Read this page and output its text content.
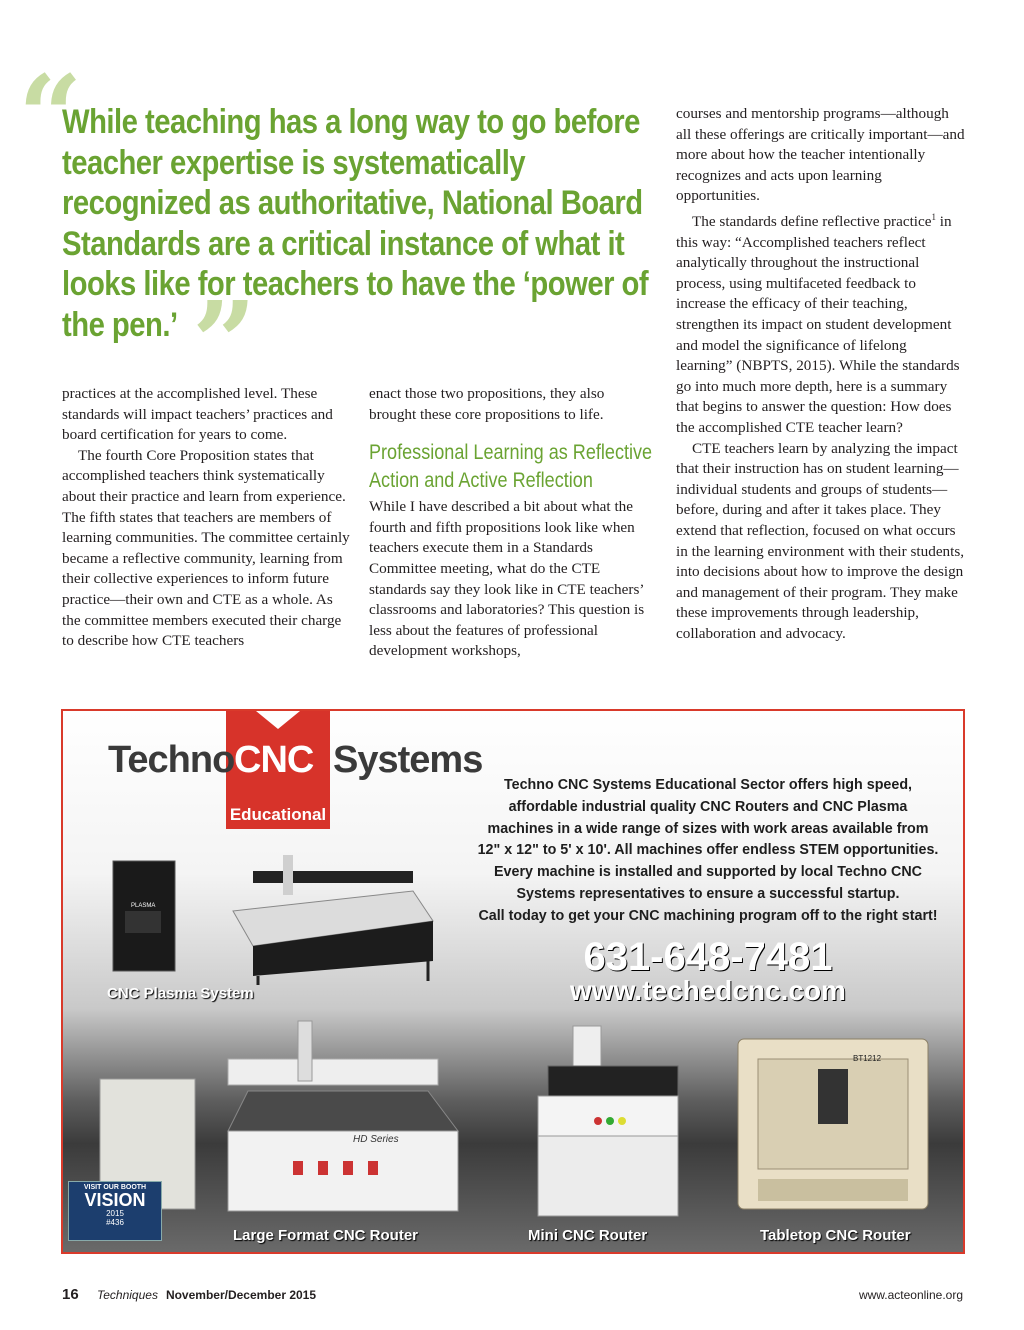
“
While teaching has a long way to go before teacher expertise is systematically recognized as authoritative, National Board Standards are a critical instance of what it looks like for teachers to have the ‘power of the pen.’ ”

practices at the accomplished level. These standards will impact teachers’ practices and board certification for years to come.

The fourth Core Proposition states that accomplished teachers think systematically about their practice and learn from experience. The fifth states that teachers are members of learning communities. The committee certainly became a reflective community, learning from their collective experiences to inform future practice—their own and CTE as a whole. As the committee members executed their charge to describe how CTE teachers

enact those two propositions, they also brought these core propositions to life.

Professional Learning as Reflective Action and Active Reflection

While I have described a bit about what the fourth and fifth propositions look like when teachers execute them in a Standards Committee meeting, what do the CTE standards say they look like in CTE teachers’ classrooms and laboratories? This question is less about the features of professional development workshops,

courses and mentorship programs—although all these offerings are critically important—and more about how the teacher intentionally recognizes and acts upon learning opportunities.

The standards define reflective practice$^1$ in this way: “Accomplished teachers reflect analytically throughout the instructional process, using multifaceted feedback to increase the efficacy of their teaching, strengthen its impact on student development and model the significance of lifelong learning” (NBPTS, 2015). While the standards go into much more depth, here is a summary that begins to answer the question: How does the accomplished CTE teacher learn?

CTE teachers learn by analyzing the impact that their instruction has on student learning—individual students and groups of students—before, during and after it takes place. They extend that reflection, focused on what occurs in the learning environment with their students, into decisions about how to improve the design and management of their program. They make these improvements through leadership, collaboration and advocacy.

Techno CNC Systems
Educational
Techno CNC Systems Educational Sector offers high speed,
affordable industrial quality CNC Routers and CNC Plasma
machines in a wide range of sizes with work areas available from
12" x 12" to 5' x 10'. All machines offer endless STEM opportunities.
Every machine is installed and supported by local Techno CNC
Systems representatives to ensure a successful startup.
Call today to get your CNC machining program off to the right start!
631-648-7481
www.techedcnc.com
PLASMA
CNC Plasma System
HD Series
Large Format CNC Router	Mini CNC Router
BT1212
Tabletop CNC Router
VISIT OUR BOOTH
VISION
2015
#436
16 Techniques November/December 2015	www.acteonline.org
